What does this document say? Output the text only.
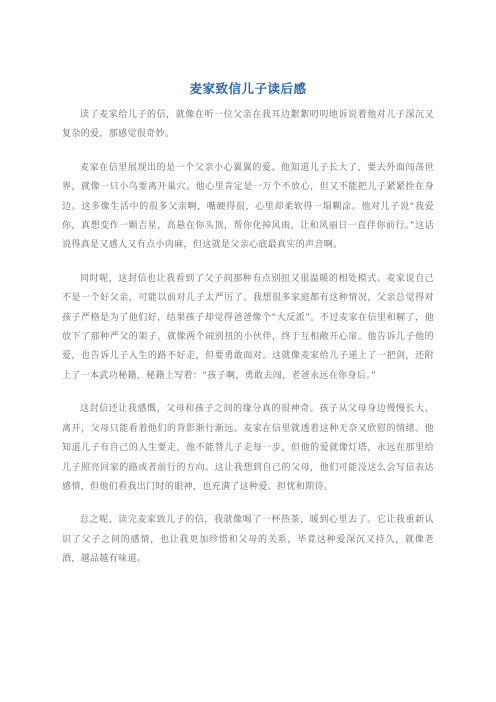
麦家致信儿子读后感

读了麦家给儿子的信，就像在听一位父亲在我耳边絮絮叨叨地诉说着他对儿子深沉又复杂的爱，那感觉很奇妙。

麦家在信里展现出的是一个父亲小心翼翼的爱。他知道儿子长大了，要去外面闯荡世界，就像一只小鸟要离开巢穴。他心里肯定是一万个不放心，但又不能把儿子紧紧拴在身边。这多像生活中的很多父亲啊，嘴硬得很，心里却柔软得一塌糊涂。他对儿子说“我爱你，真想变作一颗吉星，高悬在你头顶，帮你化掉风雨，让和风丽日一直伴你前行。”这话说得真是又感人又有点小肉麻，但这就是父亲心底最真实的声音啊。

同时呢，这封信也让我看到了父子间那种有点别扭又很温暖的相处模式。麦家说自己不是一个好父亲，可能以前对儿子太严厉了。我想很多家庭都有这种情况，父亲总觉得对孩子严格是为了他们好，结果孩子却觉得爸爸像个“大反派”。不过麦家在信里和解了，他放下了那种严父的架子，就像两个闹别扭的小伙伴，终于互相敞开心扉。他告诉儿子他的爱，也告诉儿子人生的路不好走，但要勇敢面对。这就像麦家给儿子递上了一把剑，还附上了一本武功秘籍，秘籍上写着：“孩子啊，勇敢去闯，老爸永远在你身后。”

这封信还让我感慨，父母和孩子之间的缘分真的很神奇。孩子从父母身边慢慢长大、离开，父母只能看着他们的背影渐行渐远。麦家在信里就透着这种无奈又欣慰的情绪。他知道儿子有自己的人生要走，他不能替儿子走每一步，但他的爱就像灯塔，永远在那里给儿子照亮回家的路或者前行的方向。这让我想到自己的父母，他们可能没这么会写信表达感情，但他们看我出门时的眼神，也充满了这种爱、担忧和期待。

总之呢，读完麦家致儿子的信，我就像喝了一杯热茶，暖到心里去了。它让我重新认识了父子之间的感情，也让我更加珍惜和父母的关系，毕竟这种爱深沉又持久，就像老酒，越品越有味道。
